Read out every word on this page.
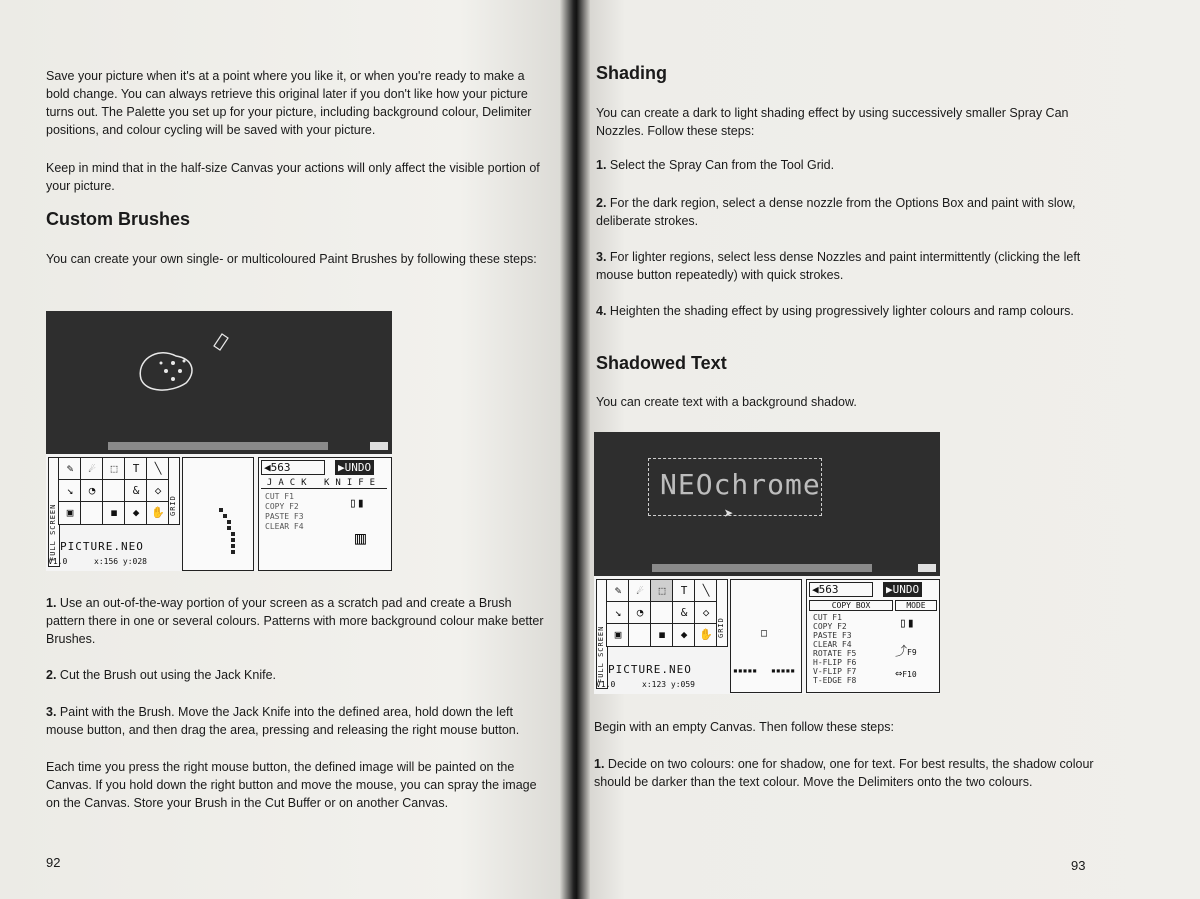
Save your picture when it's at a point where you like it, or when you're ready to make a bold change. You can always retrieve this original later if you don't like how your picture turns out. The Palette you set up for your picture, including background colour, Delimiter positions, and colour cycling will be saved with your picture.

Keep in mind that in the half-size Canvas your actions will only affect the visible portion of your picture.

Custom Brushes

You can create your own single- or multicoloured Paint Brushes by following these steps:

FULL SCREEN
✎	☄	⬚	T	╲
↘	◔	&	◇
▣	◼	◆	✋ GRID
PICTURE.NEO
V1.0	x:156 y:028
◀563	▶UNDO
JACK KNIFE
CUT F1
COPY F2
PASTE F3
CLEAR F4
▯▮
▥

1. Use an out-of-the-way portion of your screen as a scratch pad and create a Brush pattern there in one or several colours. Patterns with more background colour make better Brushes.

2. Cut the Brush out using the Jack Knife.

3. Paint with the Brush. Move the Jack Knife into the defined area, hold down the left mouse button, and then drag the area, pressing and releasing the right mouse button.

Each time you press the right mouse button, the defined image will be painted on the Canvas. If you hold down the right button and move the mouse, you can spray the image on the Canvas. Store your Brush in the Cut Buffer or on another Canvas.

92
Shading

You can create a dark to light shading effect by using successively smaller Spray Can Nozzles. Follow these steps:

1. Select the Spray Can from the Tool Grid.

2. For the dark region, select a dense nozzle from the Options Box and paint with slow, deliberate strokes.

3. For lighter regions, select less dense Nozzles and paint intermittently (clicking the left mouse button repeatedly) with quick strokes.

4. Heighten the shading effect by using progressively lighter colours and ramp colours.

Shadowed Text

You can create text with a background shadow.

NEOchrome
➤
FULL SCREEN
✎	☄	⬚	T	╲
↘	◔	&	◇
▣	◼	◆	✋ GRID
PICTURE.NEO
V1.0	x:123 y:059
□
▪▪▪▪▪ ▪▪▪▪▪
◀563	▶UNDO
COPY BOX	MODE
CUT F1
COPY F2
PASTE F3
CLEAR F4
ROTATE F5
H-FLIP F6
V-FLIP F7
T-EDGE F8
▯▮
⤴F9
⇔F10

Begin with an empty Canvas. Then follow these steps:

1. Decide on two colours: one for shadow, one for text. For best results, the shadow colour should be darker than the text colour. Move the Delimiters onto the two colours.

93
